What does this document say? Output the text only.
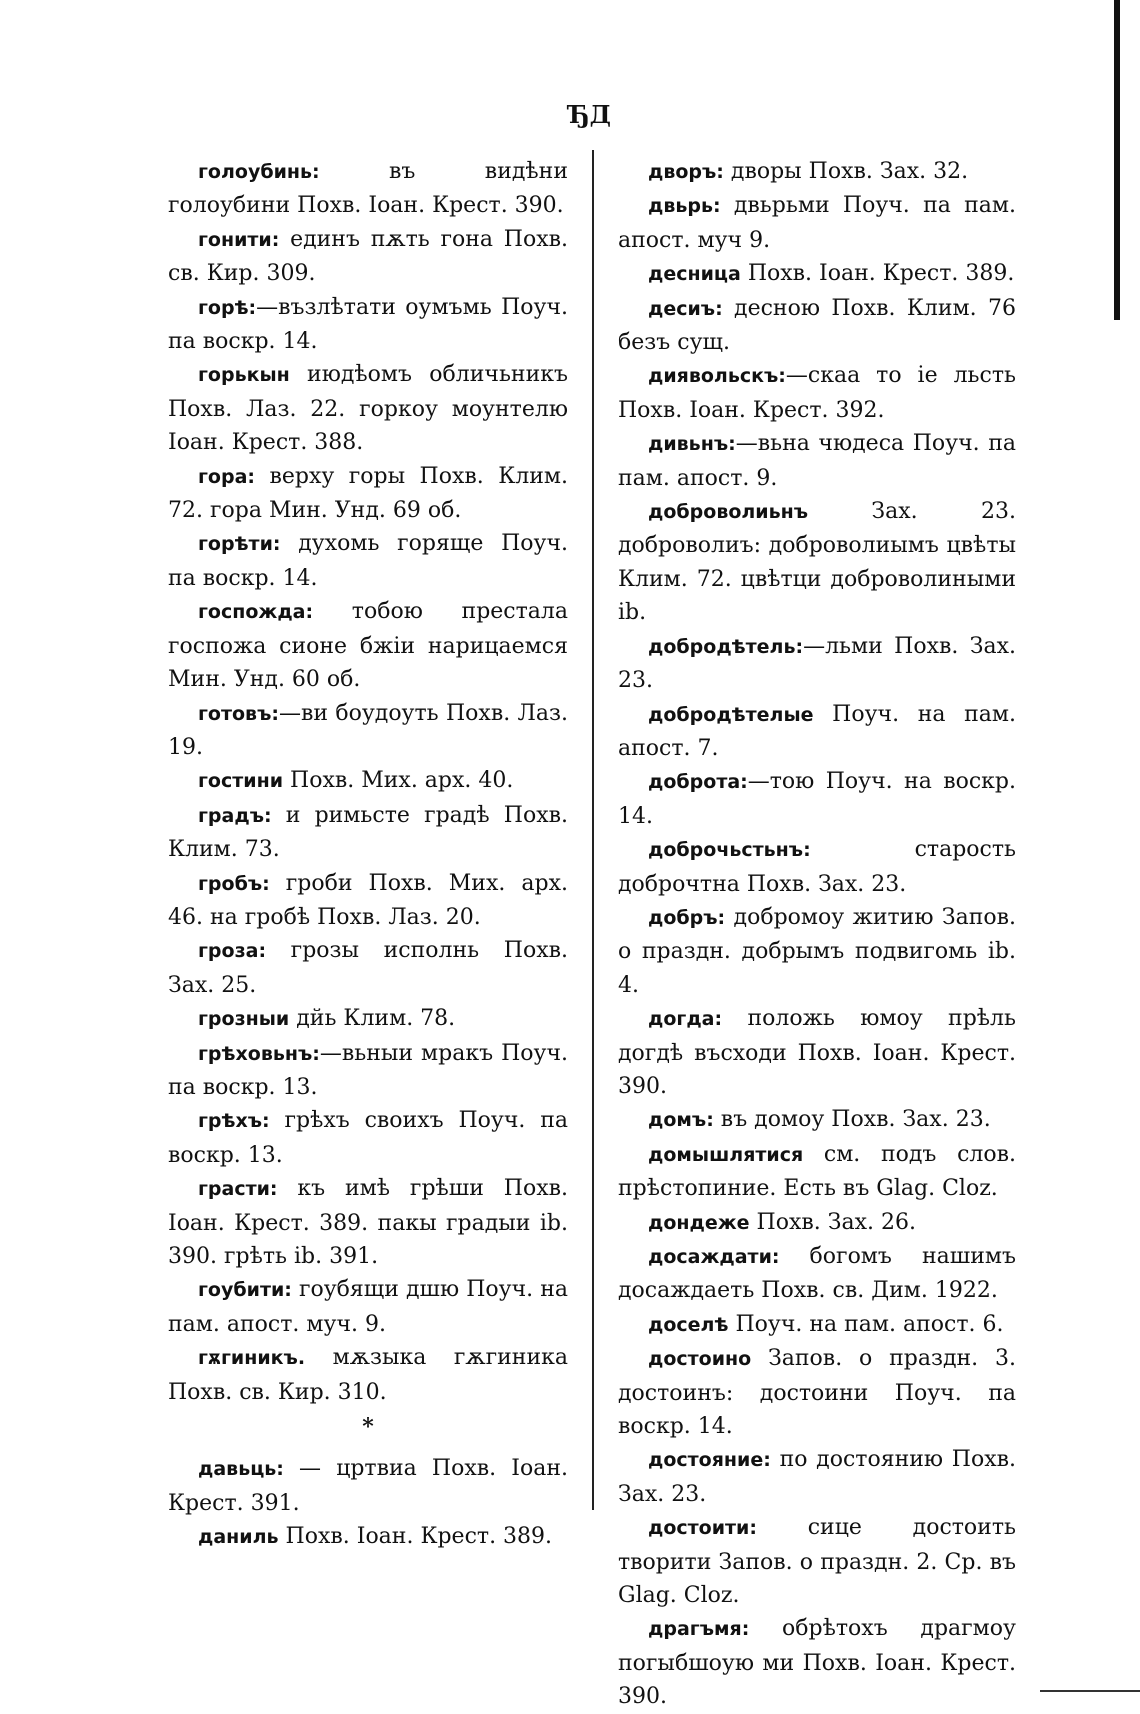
ЂД

голоубинь: въ видѣни голоубини Похв. Іоан. Крест. 390.

гонити: единъ пѫть гона Похв. св. Кир. 309.

горѣ:—възлѣтати оумъмь Поуч. па воскр. 14.

горькын июдѣомъ обличьникъ Похв. Лаз. 22. горкоу моунтелю Іоан. Крест. 388.

гора: верху горы Похв. Клим. 72. гора Мин. Унд. 69 об.

горѣти: духомь горяще Поуч. па воскр. 14.

госпожда: тобою престала госпожа сионе бжіи нарицаемся Мин. Унд. 60 об.

готовъ:—ви боудоуть Похв. Лаз. 19.

гостини Похв. Мих. арх. 40.

градъ: и римьсте градѣ Похв. Клим. 73.

гробъ: гроби Похв. Мих. арх. 46. на гробѣ Похв. Лаз. 20.

гроза: грозы исполнь Похв. Зах. 25.

грозныи дйь Клим. 78.

грѣховьнъ:—вьныи мракъ Поуч. па воскр. 13.

грѣхъ: грѣхъ своихъ Поуч. па воскр. 13.

грасти: къ имѣ грѣши Похв. Іоан. Крест. 389. пакы градыи ib. 390. грѣть ib. 391.

гоубити: гоубящи дшю Поуч. на пам. апост. муч. 9.

гѫгиникъ. мѫзыка гѫгиника Похв. св. Кир. 310.

*

давьць: — цртвиа Похв. Іоан. Крест. 391.

даниль Похв. Іоан. Крест. 389.

дворъ: дворы Похв. Зах. 32.

двьрь: двьрьми Поуч. па пам. апост. муч 9.

десница Похв. Іоан. Крест. 389.

десиъ: десною Похв. Клим. 76 безъ сущ.

диявольскъ:—скаа то іе льсть Похв. Іоан. Крест. 392.

дивьнъ:—вьна чюдеса Поуч. па пам. апост. 9.

доброволиьнъ Зах. 23. доброволиъ: доброволиымъ цвѣты Клим. 72. цвѣтци доброволиными ib.

добродѣтель:—льми Похв. Зах. 23.

добродѣтелые Поуч. на пам. апост. 7.

доброта:—тою Поуч. на воскр. 14.

доброчьстьнъ: старость доброчтна Похв. Зах. 23.

добръ: добромоу житию Запов. о праздн. добрымъ подвигомь ib. 4.

догда: положь юмоу прѣль догдѣ въсходи Похв. Іоан. Крест. 390.

домъ: въ домоу Похв. Зах. 23.

домышлятися см. подъ слов. прѣстопиние. Есть въ Glag. Cloz.

дондеже Похв. Зах. 26.

досаждати: богомъ нашимъ досаждаеть Похв. св. Дим. 1922.

доселѣ Поуч. на пам. апост. 6.

достоино Запов. о праздн. 3. достоинъ: достоини Поуч. па воскр. 14.

достояние: по достоянию Похв. Зах. 23.

достоити: сице достоить творити Запов. о праздн. 2. Ср. въ Glag. Cloz.

драгъмя: обрѣтохъ драгмоу погыбшоую ми Похв. Іоан. Крест. 390.
